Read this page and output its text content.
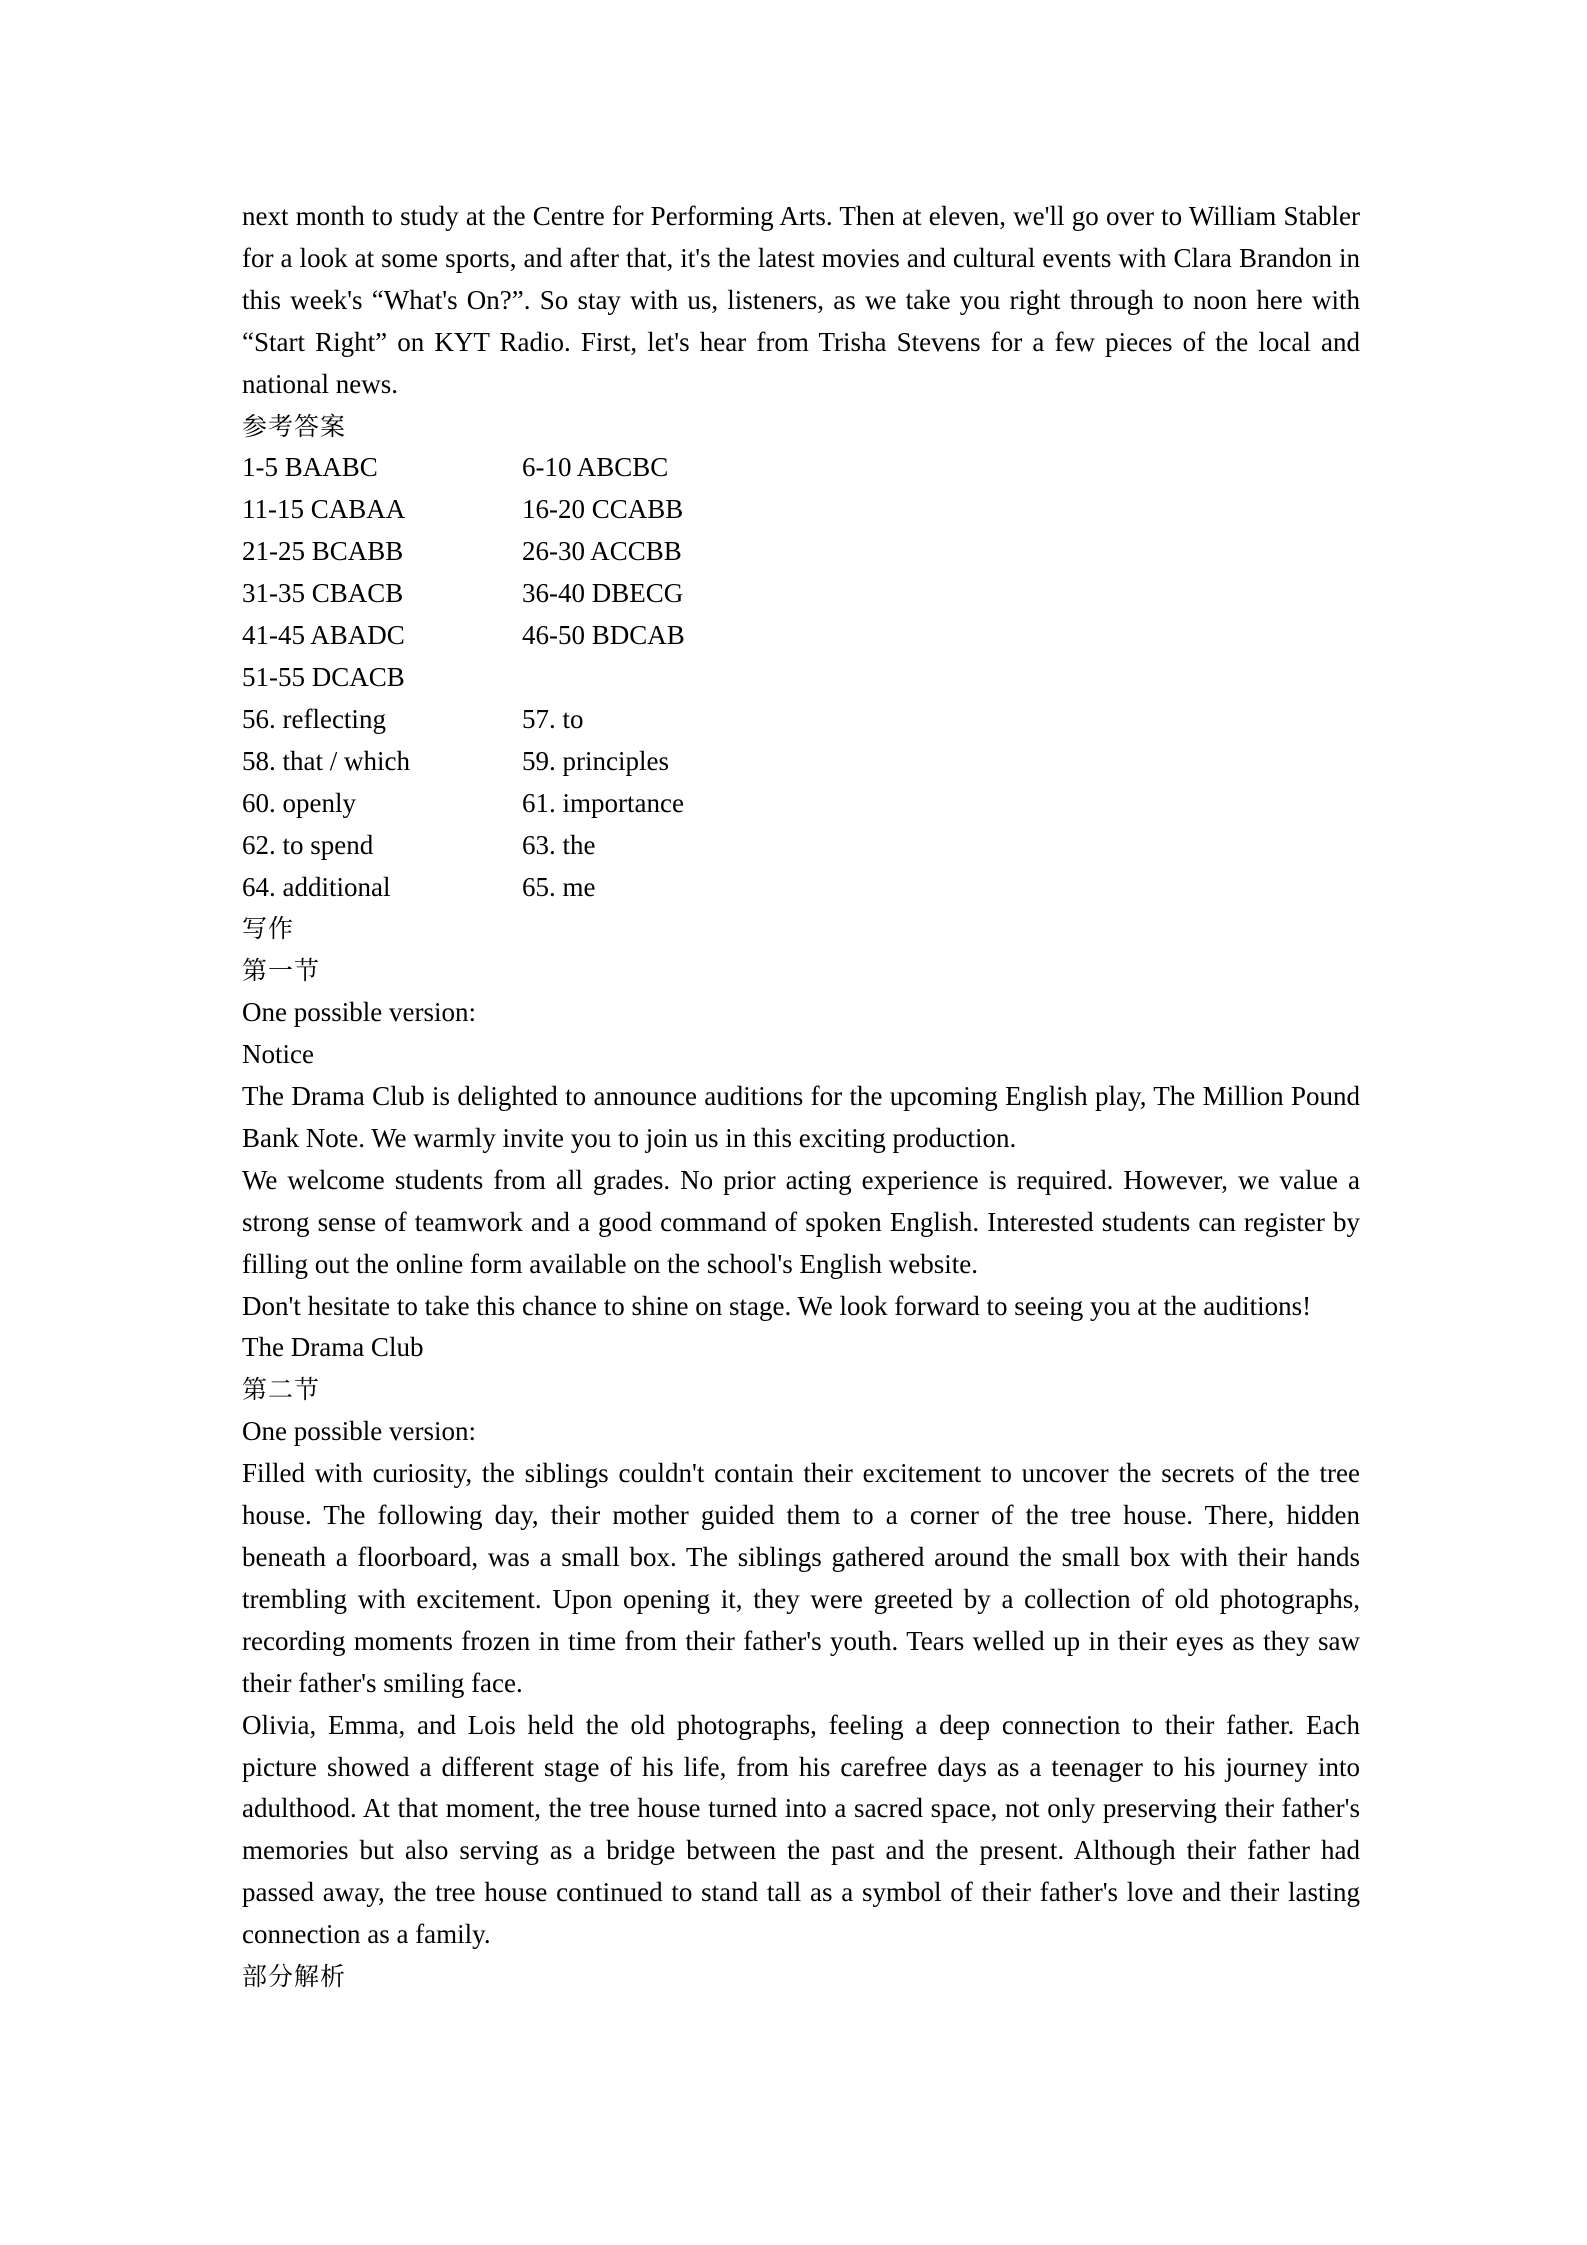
next month to study at the Centre for Performing Arts. Then at eleven, we'll go over to William Stabler for a look at some sports, and after that, it's the latest movies and cultural events with Clara Brandon in this week's “What's On?”. So stay with us, listeners, as we take you right through to noon here with “Start Right” on KYT Radio. First, let's hear from Trisha Stevens for a few pieces of the local and national news.

参考答案

1-5 BAABC	6-10 ABCBC
11-15 CABAA	16-20 CCABB
21-25 BCABB	26-30 ACCBB
31-35 CBACB	36-40 DBECG
41-45 ABADC	46-50 BDCAB
51-55 DCACB
56. reflecting	57. to
58. that / which	59. principles
60. openly	61. importance
62. to spend	63. the
64. additional	65. me

写作

第一节

One possible version:

Notice

The Drama Club is delighted to announce auditions for the upcoming English play, The Million Pound Bank Note. We warmly invite you to join us in this exciting production.

We welcome students from all grades. No prior acting experience is required. However, we value a strong sense of teamwork and a good command of spoken English. Interested students can register by filling out the online form available on the school's English website.

Don't hesitate to take this chance to shine on stage. We look forward to seeing you at the auditions!

The Drama Club

第二节

One possible version:

Filled with curiosity, the siblings couldn't contain their excitement to uncover the secrets of the tree house. The following day, their mother guided them to a corner of the tree house. There, hidden beneath a floorboard, was a small box. The siblings gathered around the small box with their hands trembling with excitement. Upon opening it, they were greeted by a collection of old photographs, recording moments frozen in time from their father's youth. Tears welled up in their eyes as they saw their father's smiling face.

Olivia, Emma, and Lois held the old photographs, feeling a deep connection to their father. Each picture showed a different stage of his life, from his carefree days as a teenager to his journey into adulthood. At that moment, the tree house turned into a sacred space, not only preserving their father's memories but also serving as a bridge between the past and the present. Although their father had passed away, the tree house continued to stand tall as a symbol of their father's love and their lasting connection as a family.

部分解析
